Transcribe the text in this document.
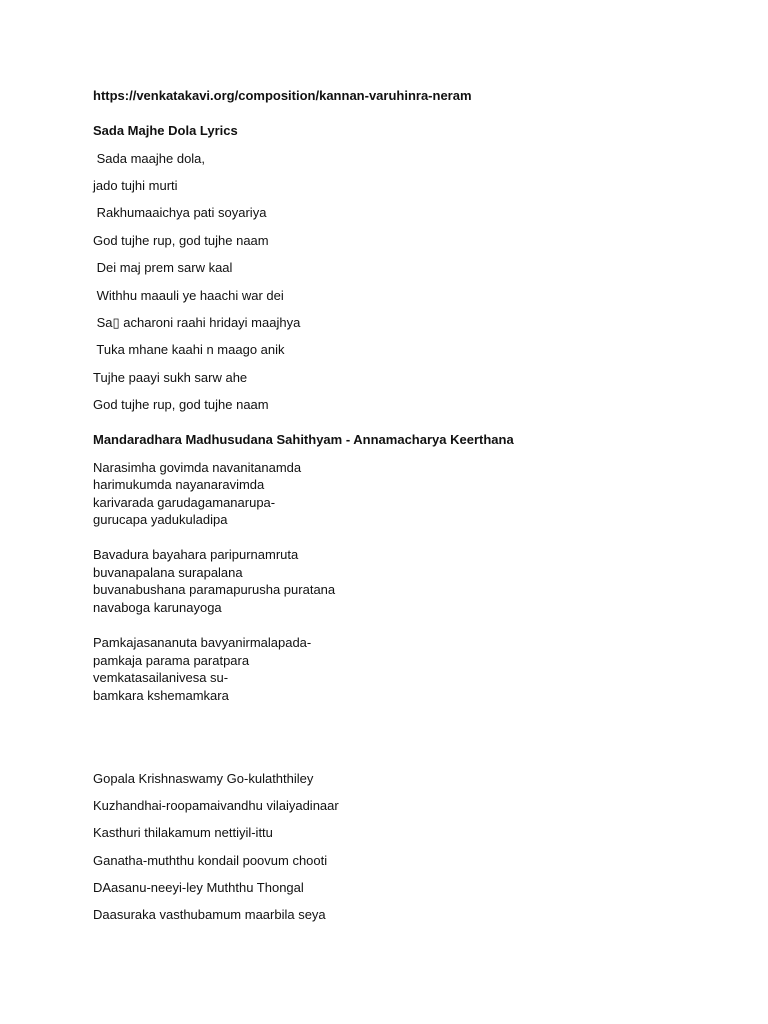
https://venkatakavi.org/composition/kannan-varuhinra-neram
Sada Majhe Dola Lyrics
Sada maajhe dola,
jado tujhi murti
Rakhumaaichya pati soyariya
God tujhe rup, god tujhe naam
Dei maj prem sarw kaal
Withhu maauli ye haachi war dei
Sa▯ acharoni raahi hridayi maajhya
Tuka mhane kaahi n maago anik
Tujhe paayi sukh sarw ahe
God tujhe rup, god tujhe naam
Mandaradhara Madhusudana Sahithyam - Annamacharya Keerthana
Narasimha govimda navanitanamda
harimukumda nayanaravimda
karivarada garudagamanarupa-
gurucapa yadukuladipa
Bavadura bayahara paripurnamruta
buvanapalana surapalana
buvanabushana paramapurusha puratana
navaboga karunayoga
Pamkajasananuta bavyanirmalapada-
pamkaja parama paratpara
vemkatasailanivesa su-
bamkara kshemamkara
Gopala Krishnaswamy Go-kulaththiley
Kuzhandhai-roopamaivandhu vilaiyadinaar
Kasthuri thilakamum nettiyil-ittu
Ganatha-muththu kondail poovum chooti
DAasanu-neeyi-ley Muththu Thongal
Daasuraka vasthubamum maarbila seya
